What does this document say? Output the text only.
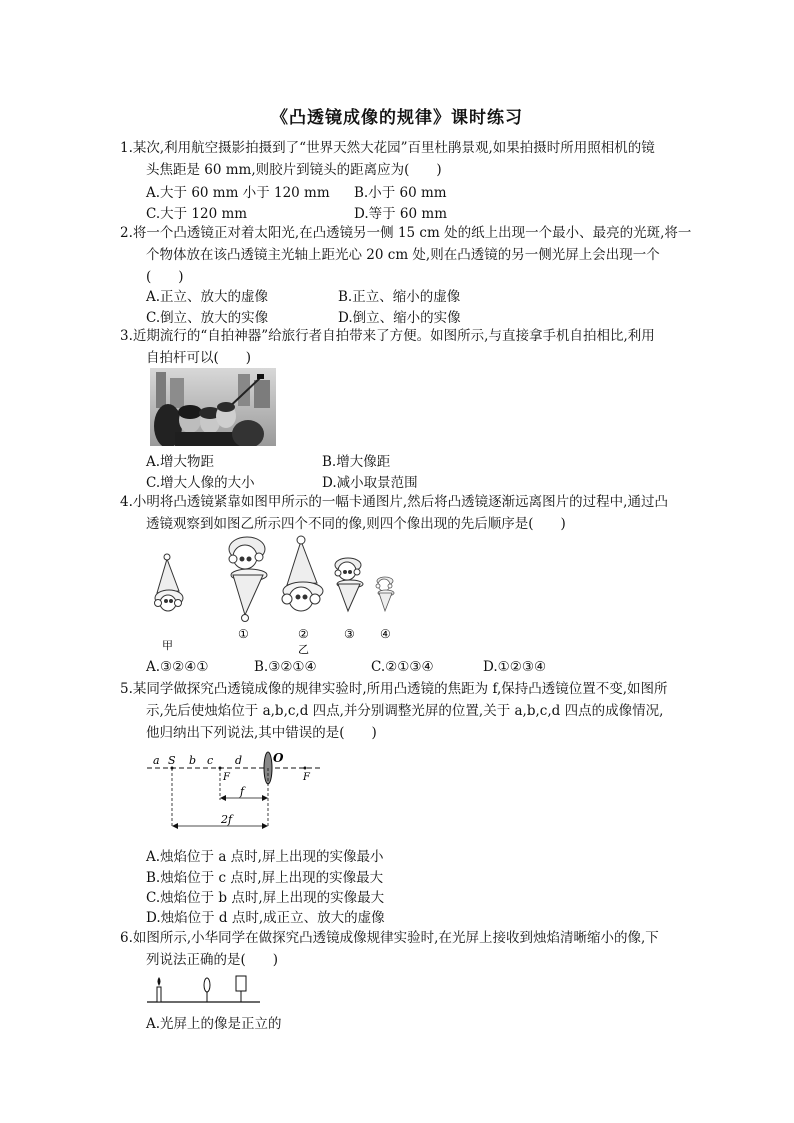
《凸透镜成像的规律》课时练习
1.某次,利用航空摄影拍摄到了“世界天然大花园”百里杜鹃景观,如果拍摄时所用照相机的镜
头焦距是 60 mm,则胶片到镜头的距离应为(　　)
A.大于 60 mm 小于 120 mm B.小于 60 mm
C.大于 120 mm	D.等于 60 mm
2.将一个凸透镜正对着太阳光,在凸透镜另一侧 15 cm 处的纸上出现一个最小、最亮的光斑,将一
个物体放在该凸透镜主光轴上距光心 20 cm 处,则在凸透镜的另一侧光屏上会出现一个
(　　)
A.正立、放大的虚像	B.正立、缩小的虚像
C.倒立、放大的实像	D.倒立、缩小的实像
3.近期流行的“自拍神器”给旅行者自拍带来了方便。如图所示,与直接拿手机自拍相比,利用
自拍杆可以(　　)
A.增大物距	B.增大像距
C.增大人像的大小	D.减小取景范围
4.小明将凸透镜紧靠如图甲所示的一幅卡通图片,然后将凸透镜逐渐远离图片的过程中,通过凸
透镜观察到如图乙所示四个不同的像,则四个像出现的先后顺序是(　　)
甲
①	②
乙
③ ④
A.③②④①	B.③②①④	C.②①③④	D.①②③④
5.某同学做探究凸透镜成像的规律实验时,所用凸透镜的焦距为 f,保持凸透镜位置不变,如图所
示,先后使烛焰位于 a,b,c,d 四点,并分别调整光屏的位置,关于 a,b,c,d 四点的成像情况,
他归纳出下列说法,其中错误的是(　　)
a S b c d
F
O
F
f
2f
A.烛焰位于 a 点时,屏上出现的实像最小
B.烛焰位于 c 点时,屏上出现的实像最大
C.烛焰位于 b 点时,屏上出现的实像最大
D.烛焰位于 d 点时,成正立、放大的虚像
6.如图所示,小华同学在做探究凸透镜成像规律实验时,在光屏上接收到烛焰清晰缩小的像,下
列说法正确的是(　　)
A.光屏上的像是正立的
